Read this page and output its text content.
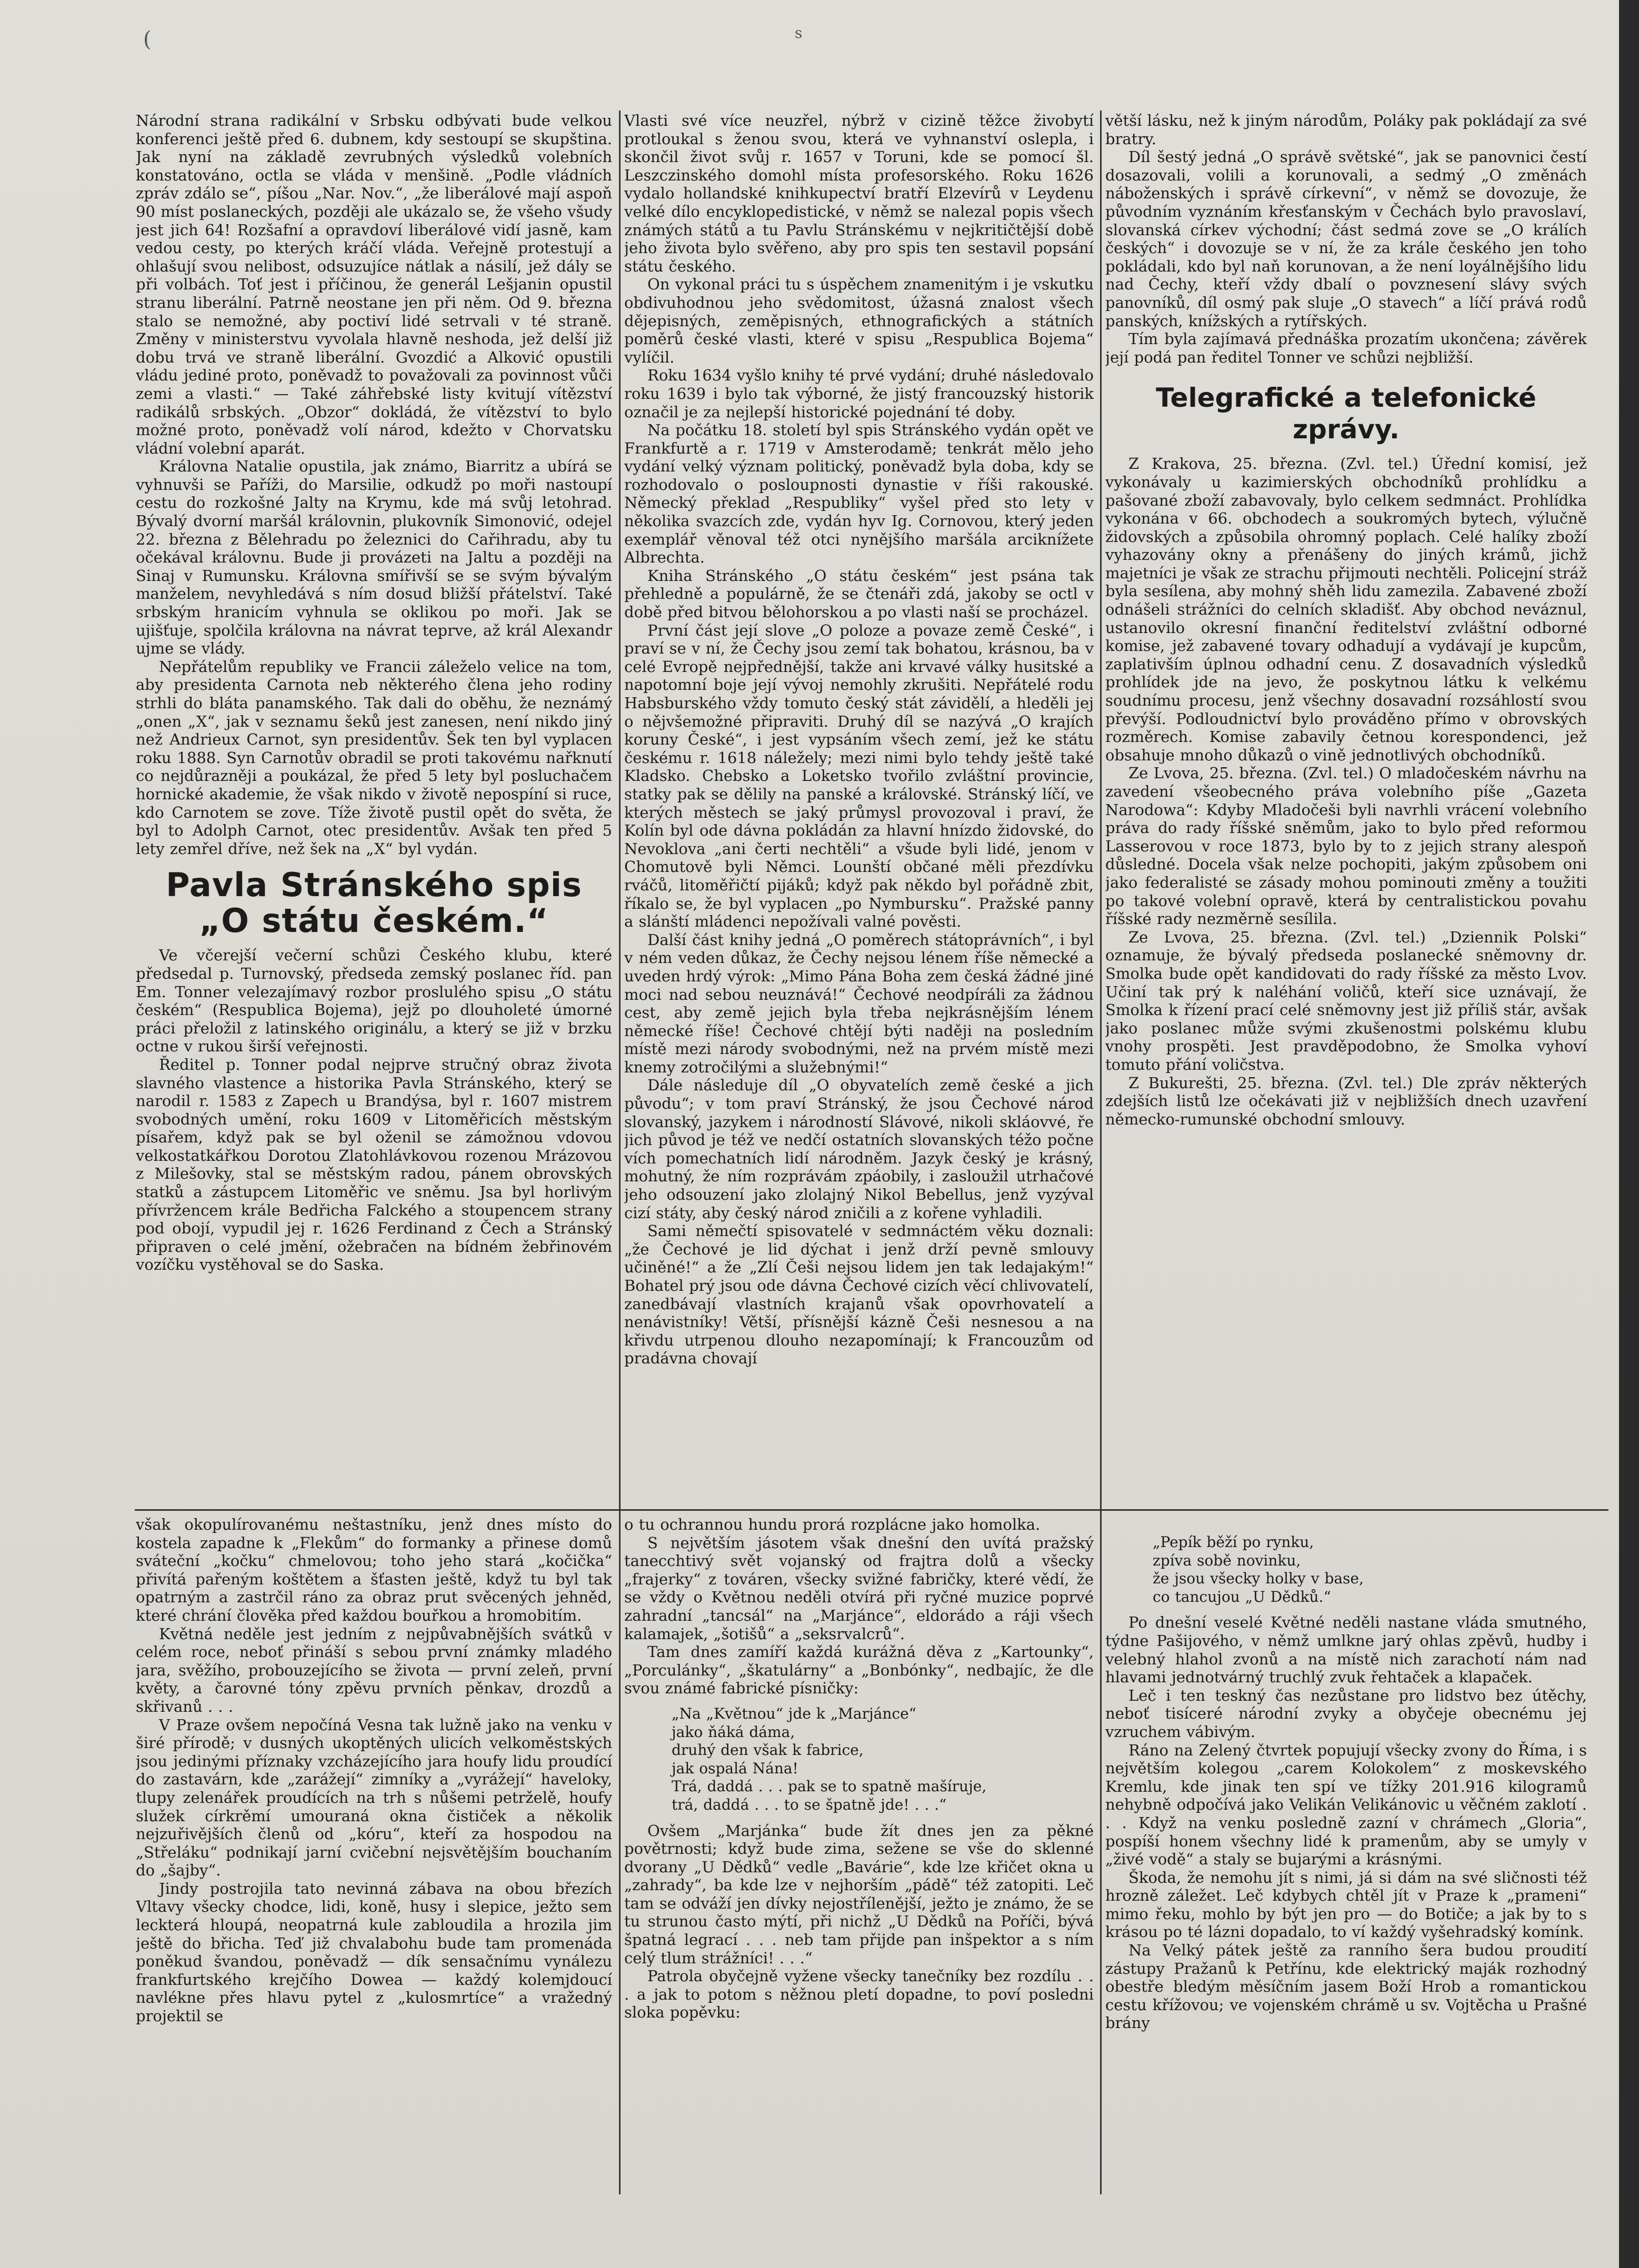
(	s

Národní strana radikální v Srbsku odbývati bude velkou konferenci ještě před 6. dubnem, kdy sestoupí se skupština. Jak nyní na základě zevrubných výsledků volebních konstatováno, octla se vláda v menšině. „Podle vládních zpráv zdálo se“, píšou „Nar. Nov.“, „že liberálové mají aspoň 90 míst poslaneckých, později ale ukázalo se, že všeho všudy jest jich 64! Rozšafní a opravdoví liberálové vidí jasně, kam vedou cesty, po kterých kráčí vláda. Veřejně protestují a ohlašují svou nelibost, odsuzujíce nátlak a násilí, jež dály se při volbách. Toť jest i příčinou, že generál Lešjanin opustil stranu liberální. Patrně neostane jen při něm. Od 9. března stalo se nemožné, aby poctiví lidé setrvali v té straně. Změny v ministerstvu vyvolala hlavně neshoda, jež delší již dobu trvá ve straně liberální. Gvozdić a Alković opustili vládu jediné proto, poněvadž to považovali za povinnost vůči zemi a vlasti.“ — Také záhřebské listy kvitují vítězství radikálů srbských. „Obzor“ dokládá, že vítězství to bylo možné proto, poněvadž volí národ, kdežto v Chorvatsku vládní volební aparát.

Královna Natalie opustila, jak známo, Biarritz a ubírá se vyhnuvši se Paříži, do Marsilie, odkudž po moři nastoupí cestu do rozkošné Jalty na Krymu, kde má svůj letohrad. Bývalý dvorní maršál královnin, plukovník Simonović, odejel 22. března z Bělehradu po železnici do Cařihradu, aby tu očekával královnu. Bude ji provázeti na Jaltu a později na Sinaj v Rumunsku. Královna smířivší se se svým bývalým manželem, nevyhledává s ním dosud bližší přátelství. Také srbským hranicím vyhnula se oklikou po moři. Jak se ujišťuje, spolčila královna na návrat teprve, až král Alexandr ujme se vlády.

Nepřátelům republiky ve Francii záleželo velice na tom, aby presidenta Carnota neb některého člena jeho rodiny strhli do bláta panamského. Tak dali do oběhu, že neznámý „onen „X“, jak v seznamu šeků jest zanesen, není nikdo jiný než Andrieux Carnot, syn presidentův. Šek ten byl vyplacen roku 1888. Syn Carnotův obradil se proti takovému nařknutí co nejdůrazněji a poukázal, že před 5 lety byl posluchačem hornické akademie, že však nikdo v životě nepospíní si ruce, kdo Carnotem se zove. Tíže životě pustil opět do světa, že byl to Adolph Carnot, otec presidentův. Avšak ten před 5 lety zemřel dříve, než šek na „X“ byl vydán.

Pavla Stránského spis
„O státu českém.“

Ve včerejší večerní schůzi Českého klubu, které předsedal p. Turnovský, předseda zemský poslanec říd. pan Em. Tonner velezajímavý rozbor proslulého spisu „O státu českém“ (Respublica Bojema), jejž po dlouholeté úmorné práci přeložil z latinského originálu, a který se již v brzku octne v rukou širší veřejnosti.

Ředitel p. Tonner podal nejprve stručný obraz života slavného vlastence a historika Pavla Stránského, který se narodil r. 1583 z Zapech u Brandýsa, byl r. 1607 mistrem svobodných umění, roku 1609 v Litoměřicích městským písařem, když pak se byl oženil se zámožnou vdovou velkostatkářkou Dorotou Zlatohlávkovou rozenou Mrázovou z Milešovky, stal se městským radou, pánem obrovských statků a zástupcem Litoměřic ve sněmu. Jsa byl horlivým přívržencem krále Bedřicha Falckého a stoupencem strany pod obojí, vypudil jej r. 1626 Ferdinand z Čech a Stránský připraven o celé jmění, ožebračen na bídném žebřinovém vozíčku vystěhoval se do Saska.

Vlasti své více neuzřel, nýbrž v cizině těžce živobytí protloukal s ženou svou, která ve vyhnanství oslepla, i skončil život svůj r. 1657 v Toruni, kde se pomocí šl. Leszczinského domohl místa profesorského. Roku 1626 vydalo hollandské knihkupectví bratří Elzevírů v Leydenu velké dílo encyklopedistické, v němž se nalezal popis všech známých států a tu Pavlu Stránskému v nejkritičtější době jeho života bylo svěřeno, aby pro spis ten sestavil popsání státu českého.

On vykonal práci tu s úspěchem znamenitým i je vskutku obdivuhodnou jeho svědomitost, úžasná znalost všech dějepisných, zeměpisných, ethnografických a státních poměrů české vlasti, které v spisu „Respublica Bojema“ vylíčil.

Roku 1634 vyšlo knihy té prvé vydání; druhé následovalo roku 1639 i bylo tak výborné, že jistý francouzský historik označil je za nejlepší historické pojednání té doby.

Na počátku 18. století byl spis Stránského vydán opět ve Frankfurtě a r. 1719 v Amsterodamě; tenkrát mělo jeho vydání velký význam politický, poněvadž byla doba, kdy se rozhodovalo o posloupnosti dynastie v říši rakouské. Německý překlad „Respubliky“ vyšel před sto lety v několika svazcích zde, vydán hyv Ig. Cornovou, který jeden exemplář věnoval též otci nynějšího maršála arciknížete Albrechta.

Kniha Stránského „O státu českém“ jest psána tak přehledně a populárně, že se čtenáři zdá, jakoby se octl v době před bitvou bělohorskou a po vlasti naší se procházel.

První část její slove „O poloze a povaze země České“, i praví se v ní, že Čechy jsou zemí tak bohatou, krásnou, ba v celé Evropě nejpřednější, takže ani krvavé války husitské a napotomní boje její vývoj nemohly zkrušiti. Nepřátelé rodu Habsburského vždy tomuto český stát závidělí, a hleděli jej o nějvšemožné připraviti. Druhý díl se nazývá „O krajích koruny České“, i jest vypsáním všech zemí, jež ke státu českému r. 1618 náležely; mezi nimi bylo tehdy ještě také Kladsko. Chebsko a Loketsko tvořilo zvláštní provincie, statky pak se dělily na panské a královské. Stránský líčí, ve kterých městech se jaký průmysl provozoval i praví, že Kolín byl ode dávna pokládán za hlavní hnízdo židovské, do Nevoklova „ani čerti nechtěli“ a všude byli lidé, jenom v Chomutově byli Němci. Lounští občané měli přezdívku rváčů, litoměřičtí pijáků; když pak někdo byl pořádně zbit, říkalo se, že byl vyplacen „po Nymbursku“. Pražské panny a slánští mládenci nepožívali valné pověsti.

Další část knihy jedná „O poměrech státoprávních“, i byl v ném veden důkaz, že Čechy nejsou lénem říše německé a uveden hrdý výrok: „Mimo Pána Boha zem česká žádné jiné moci nad sebou neuznává!“ Čechové neodpíráli za žádnou cest, aby země jejich byla třeba nejkrásnějším lénem německé říše! Čechové chtějí býti naději na posledním místě mezi národy svobodnými, než na prvém místě mezi knemy zotročilými a služebnými!“

Dále následuje díl „O obyvatelích země české a jich původu“; v tom praví Stránský, že jsou Čechové národ slovanský, jazykem i národností Slávové, nikoli skláovvé, ře jich původ je též ve nedčí ostatních slovanských téžo počne vích pomechatních lidí národněm. Jazyk český je krásný, mohutný, že ním rozprávám zpáobily, i zasloužil utrhačové jeho odsouzení jako zlolajný Nikol Bebellus, jenž vyzýval cizí státy, aby český národ zničili a z kořene vyhladili.

Sami němečtí spisovatelé v sedmnáctém věku doznali: „že Čechové je lid dýchat i jenž drží pevně smlouvy učiněné!“ a že „Zlí Češi nejsou lidem jen tak ledajakým!“ Bohatel prý jsou ode dávna Čechové cizích věcí chlivovatelí, zanedbávají vlastních krajanů však opovrhovatelí a nenávistníky! Větší, přísnější kázně Češi nesnesou a na křivdu utrpenou dlouho nezapomínají; k Francouzům od pradávna chovají

větší lásku, než k jiným národům, Poláky pak pokládají za své bratry.

Díl šestý jedná „O správě světské“, jak se panovnici čestí dosazovali, volili a korunovali, a sedmý „O změnách náboženských i správě církevní“, v němž se dovozuje, že původním vyznáním křesťanským v Čechách bylo pravoslaví, slovanská církev východní; část sedmá zove se „O králích českých“ i dovozuje se v ní, že za krále českého jen toho pokládali, kdo byl naň korunovan, a že není loyálnějšího lidu nad Čechy, kteří vždy dbalí o povznesení slávy svých panovníků, díl osmý pak sluje „O stavech“ a líčí prává rodů panských, knížských a rytířských.

Tím byla zajímavá přednáška prozatím ukončena; závěrek její podá pan ředitel Tonner ve schůzi nejbližší.

Telegrafické a telefonické zprávy.

Z Krakova, 25. března. (Zvl. tel.) Úřední komisí, jež vykonávaly u kazimierských obchodníků prohlídku a pašované zboží zabavovaly, bylo celkem sedmnáct. Prohlídka vykonána v 66. obchodech a soukromých bytech, výlučně židovských a způsobila ohromný poplach. Celé halíky zboží vyhazovány okny a přenášeny do jiných krámů, jichž majetníci je však ze strachu přijmouti nechtěli. Policejní stráž byla sesílena, aby mohný shěh lidu zamezila. Zabavené zboží odnášeli strážníci do celních skladišť. Aby obchod neváznul, ustanovilo okresní finanční ředitelství zvláštní odborné komise, jež zabavené tovary odhadují a vydávají je kupcům, zaplativším úplnou odhadní cenu. Z dosavadních výsledků prohlídek jde na jevo, že poskytnou látku k velkému soudnímu procesu, jenž všechny dosavadní rozsáhlostí svou převýší. Podloudnictví bylo prováděno přímo v obrovských rozměrech. Komise zabavily četnou korespondenci, jež obsahuje mnoho důkazů o vině jednotlivých obchodníků.

Ze Lvova, 25. března. (Zvl. tel.) O mladočeském návrhu na zavedení všeobecného práva volebního píše „Gazeta Narodowa“: Kdyby Mladočeši byli navrhli vrácení volebního práva do rady říšské sněmům, jako to bylo před reformou Lasserovou v roce 1873, bylo by to z jejich strany alespoň důsledné. Docela však nelze pochopiti, jakým způsobem oni jako federalisté se zásady mohou pominouti změny a toužiti po takové volební opravě, která by centralistickou povahu říšské rady nezměrně sesílila.

Ze Lvova, 25. března. (Zvl. tel.) „Dziennik Polski“ oznamuje, že bývalý předseda poslanecké sněmovny dr. Smolka bude opět kandidovati do rady říšské za město Lvov. Učiní tak prý k naléhání voličů, kteří sice uznávají, že Smolka k řízení prací celé sněmovny jest již příliš stár, avšak jako poslanec může svými zkušenostmi polskému klubu vnohy prospěti. Jest pravděpodobno, že Smolka vyhoví tomuto přání voličstva.

Z Bukurešti, 25. března. (Zvl. tel.) Dle zpráv některých zdejších listů lze očekávati již v nejbližších dnech uzavření německo-rumunské obchodní smlouvy.

však okopulírovanému neštastníku, jenž dnes místo do kostela zapadne k „Flekům“ do formanky a přinese domů sváteční „kočku“ chmelovou; toho jeho stará „kočička“ přivítá pařeným koštětem a šťasten ještě, když tu byl tak opatrným a zastrčil ráno za obraz prut svěcených jehněd, které chrání člověka před každou bouřkou a hromobitím.

Květná neděle jest jedním z nejpůvabnějších svátků v celém roce, neboť přináší s sebou první známky mladého jara, svěžího, probouzejícího se života — první zeleň, první květy, a čarovné tóny zpěvu prvních pěnkav, drozdů a skřivanů . . .

V Praze ovšem nepočíná Vesna tak lužně jako na venku v širé přírodě; v dusných ukoptěných ulicích velkoměstských jsou jedinými příznaky vzcházejícího jara houfy lidu proudící do zastavárn, kde „zarážejí“ zimníky a „vyrážejí“ haveloky, tlupy zelenářek proudících na trh s nůšemi petrželě, houfy služek církrěmí umouraná okna čističek a několik nejzuřivějších členů od „kóru“, kteří za hospodou na „Střeláku“ podnikají jarní cvičební nejsvětějším bouchaním do „šajby“.

Jindy postrojila tato nevinná zábava na obou březích Vltavy všecky chodce, lidi, koně, husy i slepice, ježto sem leckterá hloupá, neopatrná kule zabloudila a hrozila jim ještě do břicha. Teď již chvalabohu bude tam promenáda poněkud švandou, poněvadž — dík sensačnímu vynálezu frankfurtského krejčího Dowea — každý kolemjdoucí navlékne přes hlavu pytel z „kulosmrtíce“ a vražedný projektil se

o tu ochrannou hundu prorá rozplácne jako homolka.

S největším jásotem však dnešní den uvítá pražský tanecchtivý svět vojanský od frajtra dolů a všecky „frajerky“ z továren, všecky svižné fabričky, které vědí, že se vždy o Květnou neděli otvírá při ryčné muzice poprvé zahradní „tancsál“ na „Marjánce“, eldorádo a ráji všech kalamajek, „šotišů“ a „seksrvalcrů“.

Tam dnes zamíří každá kurážná děva z „Kartounky“, „Porculánky“, „škatulárny“ a „Bonbónky“, nedbajíc, že dle svou známé fabrické písničky:

„Na „Květnou“ jde k „Marjánce“
jako ňáká dáma,
druhý den však k fabrice,
jak ospalá Nána!
Trá, daddá . . . pak se to spatně mašíruje,
trá, daddá . . . to se špatně jde! . . .“

Ovšem „Marjánka“ bude žít dnes jen za pěkné povětrnosti; když bude zima, sežene se vše do sklenné dvorany „U Dědků“ vedle „Bavárie“, kde lze křičet okna u „zahrady“, ba kde lze v nejhorším „pádě“ též zatopiti. Leč tam se odváží jen dívky nejostřílenější, ježto je známo, že se tu strunou často mýtí, při nichž „U Dědků na Poříči, bývá špatná legrací . . . neb tam přijde pan inšpektor a s ním celý tlum strážníci! . . .“

Patrola obyčejně vyžene všecky tanečníky bez rozdílu . . . a jak to potom s něžnou pletí dopadne, to poví posledni sloka popěvku:

„Pepík běží po rynku,
zpíva sobě novinku,
že jsou všecky holky v base,
co tancujou „U Dědků.“

Po dnešní veselé Květné neděli nastane vláda smutného, týdne Pašijového, v němž umlkne jarý ohlas zpěvů, hudby i velebný hlahol zvonů a na místě nich zarachotí nám nad hlavami jednotvárný truchlý zvuk řehtaček a klapaček.

Leč i ten teskný čas nezůstane pro lidstvo bez útěchy, neboť tisíceré národní zvyky a obyčeje obecnému jej vzruchem vábivým.

Ráno na Zelený čtvrtek popujují všecky zvony do Říma, i s největším kolegou „carem Kolokolem“ z moskevského Kremlu, kde jinak ten spí ve tížky 201.916 kilogramů nehybně odpočívá jako Velikán Velikánovic u věčném zaklotí . . . Když na venku posledně zazní v chrámech „Gloria“, pospíší honem všechny lidé k pramenům, aby se umyly v „živé vodě“ a staly se bujarými a krásnými.

Škoda, že nemohu jít s nimi, já si dám na své sličnosti též hrozně záležet. Leč kdybych chtěl jít v Praze k „prameni“ mimo řeku, mohlo by být jen pro — do Botiče; a jak by to s krásou po té lázni dopadalo, to ví každý vyšehradský komínk.

Na Velký pátek ještě za ranního šera budou proudití zástupy Pražanů k Petřínu, kde elektrický maják rozhodný obestře bledým měsíčním jasem Boží Hrob a romantickou cestu křížovou; ve vojenském chrámě u sv. Vojtěcha u Prašné brány
